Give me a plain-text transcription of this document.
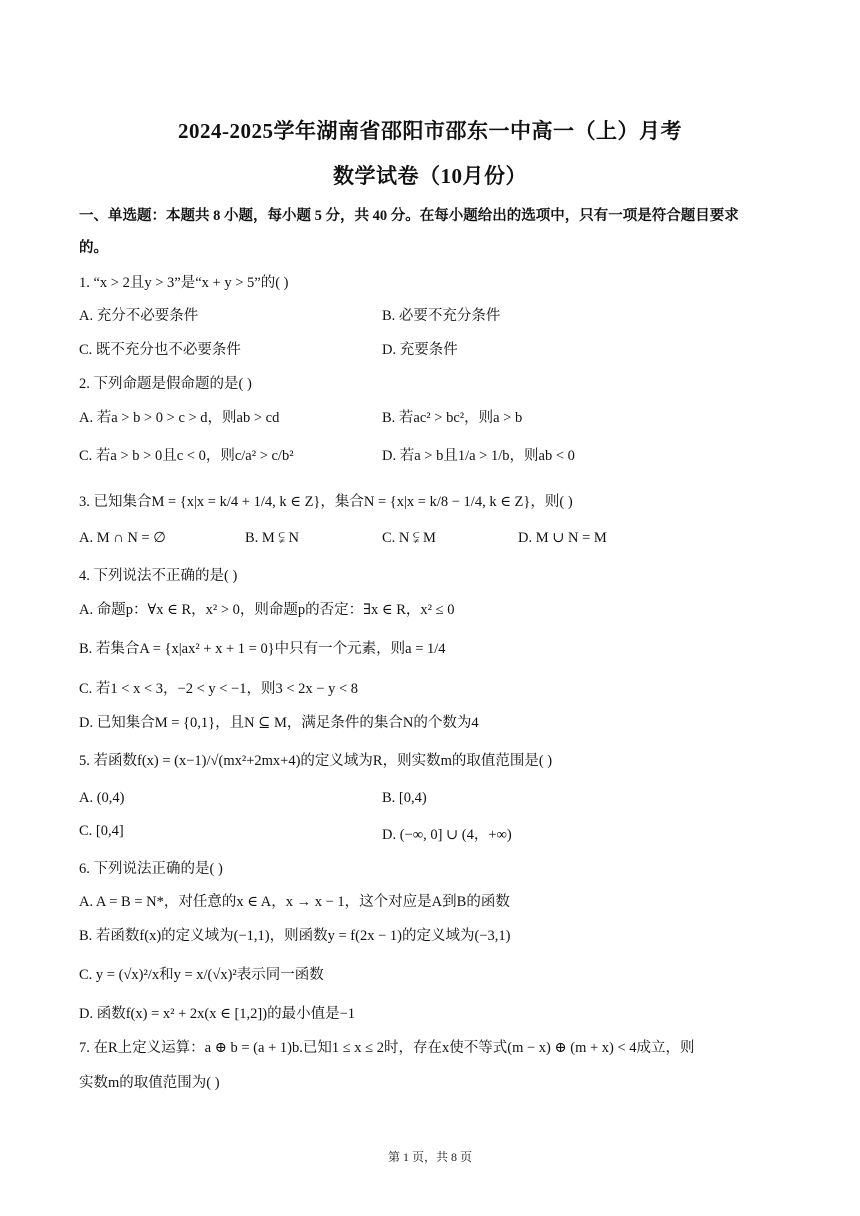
2024-2025学年湖南省邵阳市邵东一中高一（上）月考
数学试卷（10月份）
一、单选题：本题共 8 小题，每小题 5 分，共 40 分。在每小题给出的选项中，只有一项是符合题目要求
的。
1. “x > 2且y > 3”是“x + y > 5”的( )
A. 充分不必要条件	B. 必要不充分条件
C. 既不充分也不必要条件	D. 充要条件
2. 下列命题是假命题的是( )
A. 若a > b > 0 > c > d，则ab > cd	B. 若ac² > bc²，则a > b
C. 若a > b > 0且c < 0，则c/a² > c/b²	D. 若a > b且1/a > 1/b，则ab < 0
3. 已知集合M = {x|x = k/4 + 1/4, k ∈ Z}，集合N = {x|x = k/8 − 1/4, k ∈ Z}，则( )
A. M ∩ N = ∅	B. M ⫋ N	C. N ⫋ M	D. M ∪ N = M
4. 下列说法不正确的是( )
A. 命题p：∀x ∈ R，x² > 0，则命题p的否定：∃x ∈ R，x² ≤ 0
B. 若集合A = {x|ax² + x + 1 = 0}中只有一个元素，则a = 1/4
C. 若1 < x < 3，−2 < y < −1，则3 < 2x − y < 8
D. 已知集合M = {0,1}，且N ⊆ M，满足条件的集合N的个数为4
5. 若函数f(x) = (x−1)/√(mx²+2mx+4)的定义域为R，则实数m的取值范围是( )
A. (0,4)	B. [0,4)
C. [0,4]	D. (−∞, 0] ∪ (4，+∞)
6. 下列说法正确的是( )
A. A = B = N*，对任意的x ∈ A，x → x − 1，这个对应是A到B的函数
B. 若函数f(x)的定义域为(−1,1)，则函数y = f(2x − 1)的定义域为(−3,1)
C. y = (√x)²/x和y = x/(√x)²表示同一函数
D. 函数f(x) = x² + 2x(x ∈ [1,2])的最小值是−1
7. 在R上定义运算：a ⊕ b = (a + 1)b.已知1 ≤ x ≤ 2时，存在x使不等式(m − x) ⊕ (m + x) < 4成立，则
实数m的取值范围为( )
第 1 页，共 8 页
